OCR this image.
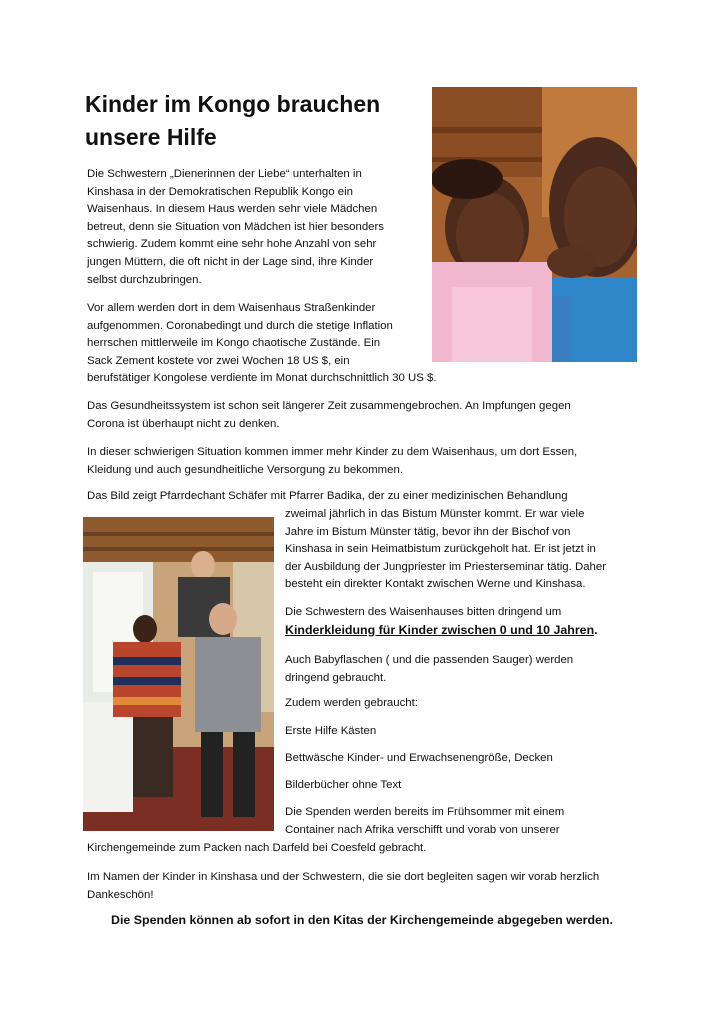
Kinder im Kongo brauchen unsere Hilfe
Die Schwestern „Dienerinnen der Liebe“ unterhalten in
Kinshasa in der Demokratischen Republik Kongo ein
Waisenhaus. In diesem Haus werden sehr viele Mädchen
betreut, denn sie Situation von Mädchen ist hier besonders
schwierig. Zudem kommt eine sehr hohe Anzahl von sehr
jungen Müttern, die oft nicht in der Lage sind, ihre Kinder
selbst durchzubringen.
Vor allem werden dort in dem Waisenhaus Straßenkinder
aufgenommen. Coronabedingt und durch die stetige Inflation
herrschen mittlerweile im Kongo chaotische Zustände. Ein
Sack Zement kostete vor zwei Wochen 18 US $, ein
berufstätiger Kongolese verdiente im Monat durchschnittlich 30 US $.
Das Gesundheitssystem ist schon seit längerer Zeit zusammengebrochen. An Impfungen gegen
Corona ist überhaupt nicht zu denken.
In dieser schwierigen Situation kommen immer mehr Kinder zu dem Waisenhaus, um dort Essen,
Kleidung und auch gesundheitliche Versorgung zu bekommen.
Das Bild zeigt Pfarrdechant Schäfer mit Pfarrer Badika, der zu einer medizinischen Behandlung
zweimal jährlich in das Bistum Münster kommt. Er war viele
Jahre im Bistum Münster tätig, bevor ihn der Bischof von
Kinshasa in sein Heimatbistum zurückgeholt hat. Er ist jetzt in
der Ausbildung der Jungpriester im Priesterseminar tätig. Daher
besteht ein direkter Kontakt zwischen Werne und Kinshasa.
Die Schwestern des Waisenhauses bitten dringend um
Kinderkleidung für Kinder zwischen 0 und 10 Jahren.
Auch Babyflaschen ( und die passenden Sauger) werden
dringend gebraucht.
Zudem werden gebraucht:
Erste Hilfe Kästen
Bettwäsche Kinder- und Erwachsenengröße, Decken
Bilderbücher ohne Text
Die Spenden werden bereits im Frühsommer mit einem
Container nach Afrika verschifft und vorab von unserer
Kirchengemeinde zum Packen nach Darfeld bei Coesfeld gebracht.
Im Namen der Kinder in Kinshasa und der Schwestern, die sie dort begleiten sagen wir vorab herzlich
Dankeschön!
Die Spenden können ab sofort in den Kitas der Kirchengemeinde abgegeben werden.
